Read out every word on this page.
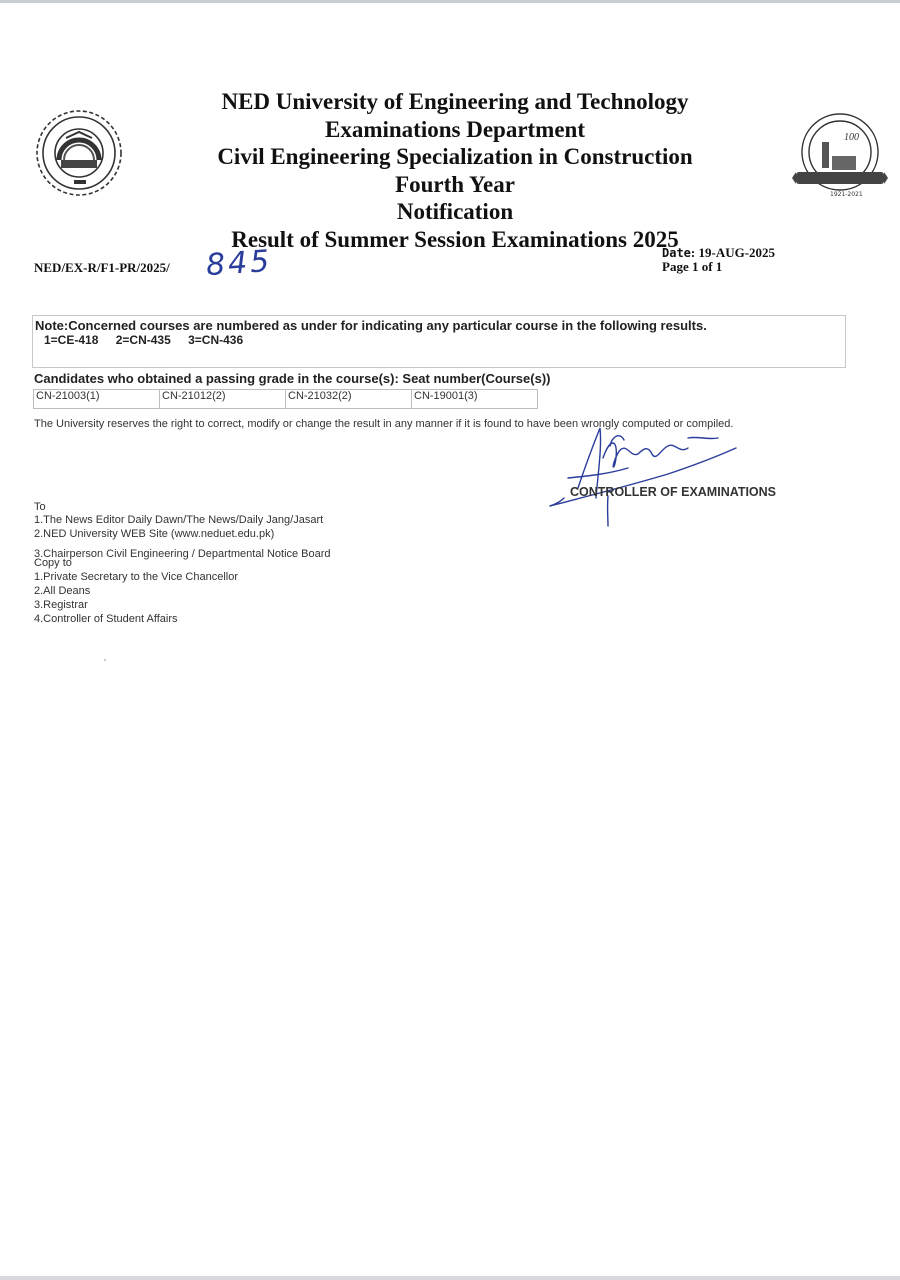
100
1921-2021
NED University of Engineering and Technology
Examinations Department
Civil Engineering Specialization in Construction
Fourth Year
Notification
Result of Summer Session Examinations 2025
NED/EX-R/F1-PR/2025/ 845	Date: 19-AUG-2025
Page 1 of 1
Note:Concerned courses are numbered as under for indicating any particular course in the following results.
1=CE-418 2=CN-435 3=CN-436
Candidates who obtained a passing grade in the course(s): Seat number(Course(s))
CN-21003(1)	CN-21012(2)	CN-21032(2)	CN-19001(3)
The University reserves the right to correct, modify or change the result in any manner if it is found to have been wrongly computed or compiled.
CONTROLLER OF EXAMINATIONS
To
1.The News Editor Daily Dawn/The News/Daily Jang/Jasart
2.NED University WEB Site (www.neduet.edu.pk)
3.Chairperson Civil Engineering / Departmental Notice Board
Copy to
1.Private Secretary to the Vice Chancellor
2.All Deans
3.Registrar
4.Controller of Student Affairs
